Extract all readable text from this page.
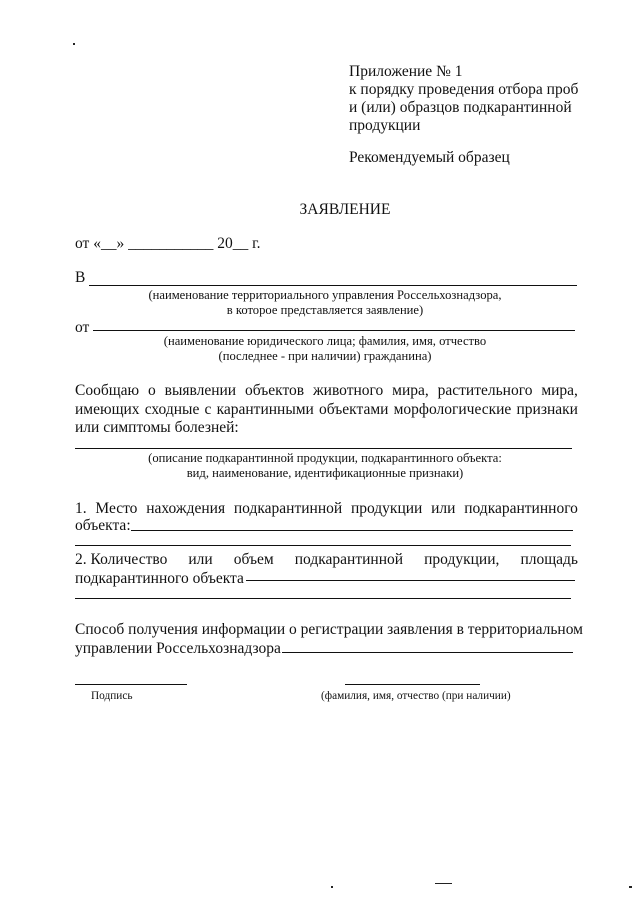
Приложение № 1
к порядку проведения отбора проб
и (или) образцов подкарантинной
продукции
Рекомендуемый образец
ЗАЯВЛЕНИЕ
от «__» ___________ 20__ г.
В
(наименование территориального управления Россельхознадзора,
в которое представляется заявление)
от
(наименование юридического лица; фамилия, имя, отчество
(последнее - при наличии) гражданина)
Сообщаю о выявлении объектов животного мира, растительного мира,
имеющих сходные с карантинными объектами морфологические признаки
или симптомы болезней:
(описание подкарантинной продукции, подкарантинного объекта:
вид, наименование, идентификационные признаки)
1. Место нахождения подкарантинной продукции или подкарантинного
объекта:
2. Количество или объем подкарантинной продукции, площадь
подкарантинного объекта
Способ получения информации о регистрации заявления в территориальном
управлении Россельхознадзора
Подпись	(фамилия, имя, отчество (при наличии)
